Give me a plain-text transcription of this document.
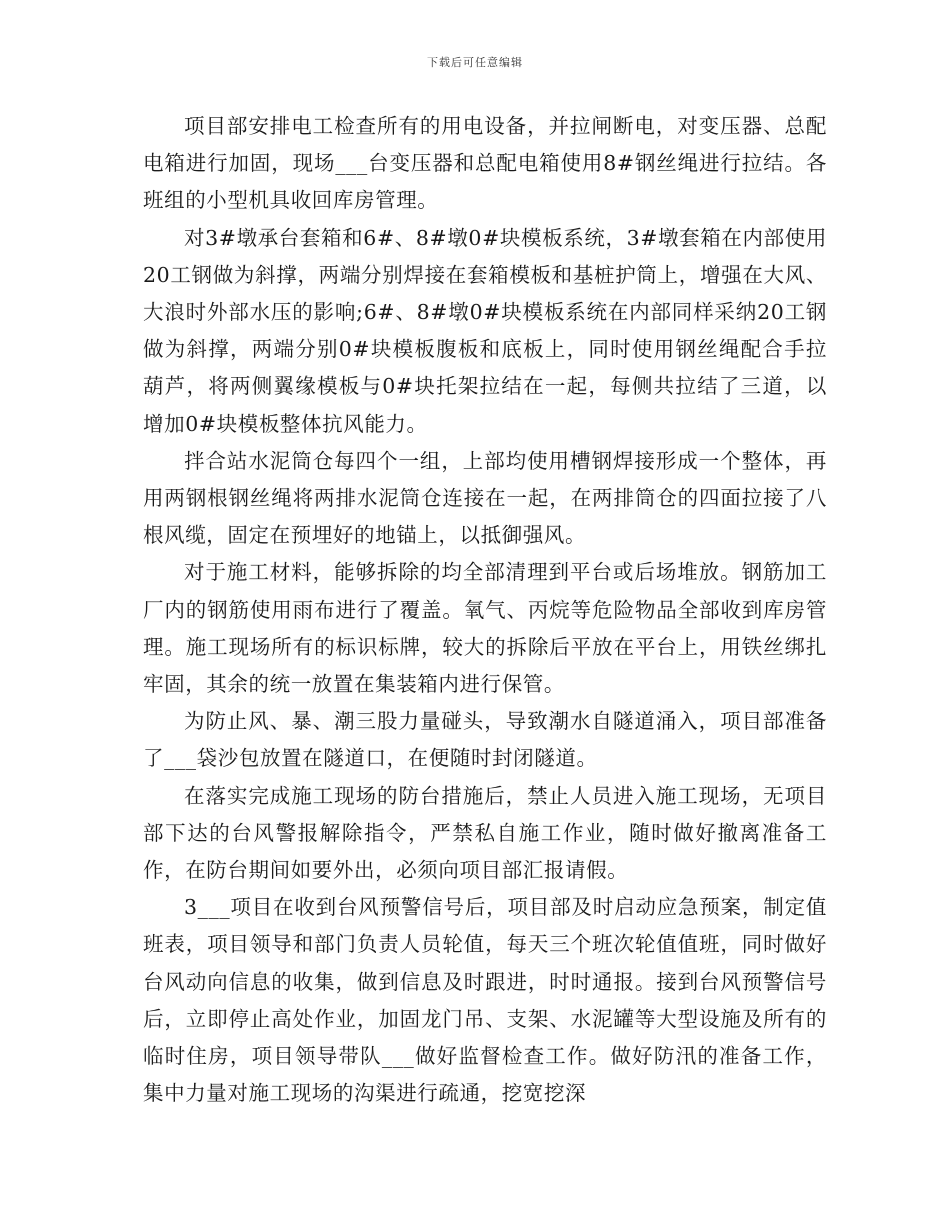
下载后可任意编辑

项目部安排电工检查所有的用电设备，并拉闸断电，对变压器、总配电箱进行加固，现场___台变压器和总配电箱使用8#钢丝绳进行拉结。各班组的小型机具收回库房管理。

对3#墩承台套箱和6#、8#墩0#块模板系统，3#墩套箱在内部使用20工钢做为斜撑，两端分别焊接在套箱模板和基桩护筒上，增强在大风、大浪时外部水压的影响;6#、8#墩0#块模板系统在内部同样采纳20工钢做为斜撑，两端分别0#块模板腹板和底板上，同时使用钢丝绳配合手拉葫芦，将两侧翼缘模板与0#块托架拉结在一起，每侧共拉结了三道，以增加0#块模板整体抗风能力。

拌合站水泥筒仓每四个一组，上部均使用槽钢焊接形成一个整体，再用两钢根钢丝绳将两排水泥筒仓连接在一起，在两排筒仓的四面拉接了八根风缆，固定在预埋好的地锚上，以抵御强风。

对于施工材料，能够拆除的均全部清理到平台或后场堆放。钢筋加工厂内的钢筋使用雨布进行了覆盖。氧气、丙烷等危险物品全部收到库房管理。施工现场所有的标识标牌，较大的拆除后平放在平台上，用铁丝绑扎牢固，其余的统一放置在集装箱内进行保管。

为防止风、暴、潮三股力量碰头，导致潮水自隧道涌入，项目部准备了___袋沙包放置在隧道口，在便随时封闭隧道。

在落实完成施工现场的防台措施后，禁止人员进入施工现场，无项目部下达的台风警报解除指令，严禁私自施工作业，随时做好撤离准备工作，在防台期间如要外出，必须向项目部汇报请假。

3___项目在收到台风预警信号后，项目部及时启动应急预案，制定值班表，项目领导和部门负责人员轮值，每天三个班次轮值值班，同时做好台风动向信息的收集，做到信息及时跟进，时时通报。接到台风预警信号后，立即停止高处作业，加固龙门吊、支架、水泥罐等大型设施及所有的临时住房，项目领导带队___做好监督检查工作。做好防汛的准备工作，集中力量对施工现场的沟渠进行疏通，挖宽挖深
